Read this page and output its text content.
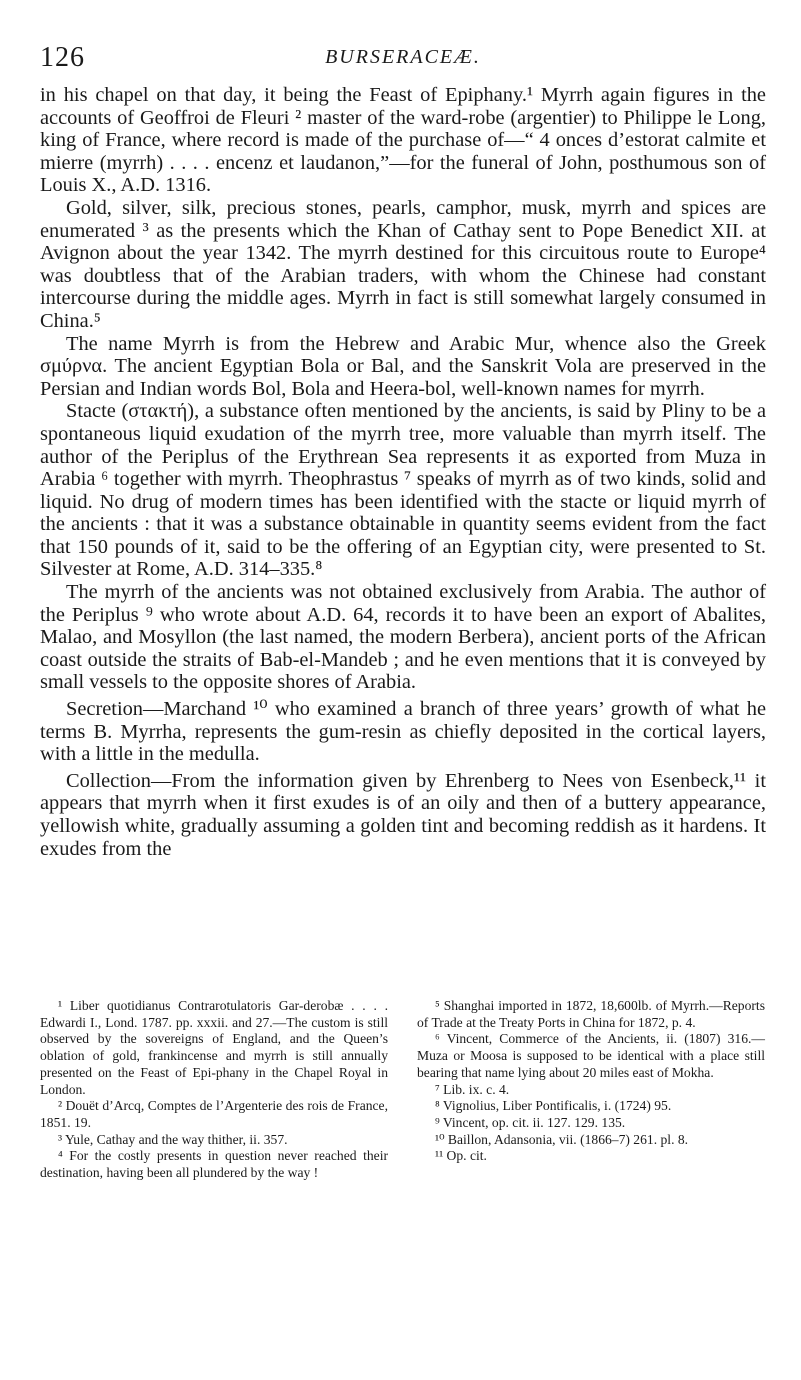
126	BURSERACEÆ.

in his chapel on that day, it being the Feast of Epiphany.¹ Myrrh again figures in the accounts of Geoffroi de Fleuri ² master of the ward-robe (argentier) to Philippe le Long, king of France, where record is made of the purchase of—“ 4 onces d’estorat calmite et mierre (myrrh) . . . . encenz et laudanon,”—for the funeral of John, posthumous son of Louis X., A.D. 1316.

Gold, silver, silk, precious stones, pearls, camphor, musk, myrrh and spices are enumerated ³ as the presents which the Khan of Cathay sent to Pope Benedict XII. at Avignon about the year 1342. The myrrh destined for this circuitous route to Europe⁴ was doubtless that of the Arabian traders, with whom the Chinese had constant intercourse during the middle ages. Myrrh in fact is still somewhat largely consumed in China.⁵

The name Myrrh is from the Hebrew and Arabic Mur, whence also the Greek σμύρνα. The ancient Egyptian Bola or Bal, and the Sanskrit Vola are preserved in the Persian and Indian words Bol, Bola and Heera-bol, well-known names for myrrh.

Stacte (στακτή), a substance often mentioned by the ancients, is said by Pliny to be a spontaneous liquid exudation of the myrrh tree, more valuable than myrrh itself. The author of the Periplus of the Erythrean Sea represents it as exported from Muza in Arabia ⁶ together with myrrh. Theophrastus ⁷ speaks of myrrh as of two kinds, solid and liquid. No drug of modern times has been identified with the stacte or liquid myrrh of the ancients : that it was a substance obtainable in quantity seems evident from the fact that 150 pounds of it, said to be the offering of an Egyptian city, were presented to St. Silvester at Rome, A.D. 314–335.⁸

The myrrh of the ancients was not obtained exclusively from Arabia. The author of the Periplus ⁹ who wrote about A.D. 64, records it to have been an export of Abalites, Malao, and Mosyllon (the last named, the modern Berbera), ancient ports of the African coast outside the straits of Bab-el-Mandeb ; and he even mentions that it is conveyed by small vessels to the opposite shores of Arabia.

Secretion—Marchand ¹⁰ who examined a branch of three years’ growth of what he terms B. Myrrha, represents the gum-resin as chiefly deposited in the cortical layers, with a little in the medulla.

Collection—From the information given by Ehrenberg to Nees von Esenbeck,¹¹ it appears that myrrh when it first exudes is of an oily and then of a buttery appearance, yellowish white, gradually assuming a golden tint and becoming reddish as it hardens. It exudes from the

¹ Liber quotidianus Contrarotulatoris Gar-derobæ . . . . Edwardi I., Lond. 1787. pp. xxxii. and 27.—The custom is still observed by the sovereigns of England, and the Queen’s oblation of gold, frankincense and myrrh is still annually presented on the Feast of Epi-phany in the Chapel Royal in London.

² Douët d’Arcq, Comptes de l’Argenterie des rois de France, 1851. 19.

³ Yule, Cathay and the way thither, ii. 357.

⁴ For the costly presents in question never reached their destination, having been all plundered by the way !

⁵ Shanghai imported in 1872, 18,600lb. of Myrrh.—Reports of Trade at the Treaty Ports in China for 1872, p. 4.

⁶ Vincent, Commerce of the Ancients, ii. (1807) 316.—Muza or Moosa is supposed to be identical with a place still bearing that name lying about 20 miles east of Mokha.

⁷ Lib. ix. c. 4.

⁸ Vignolius, Liber Pontificalis, i. (1724) 95.

⁹ Vincent, op. cit. ii. 127. 129. 135.

¹⁰ Baillon, Adansonia, vii. (1866–7) 261. pl. 8.

¹¹ Op. cit.
